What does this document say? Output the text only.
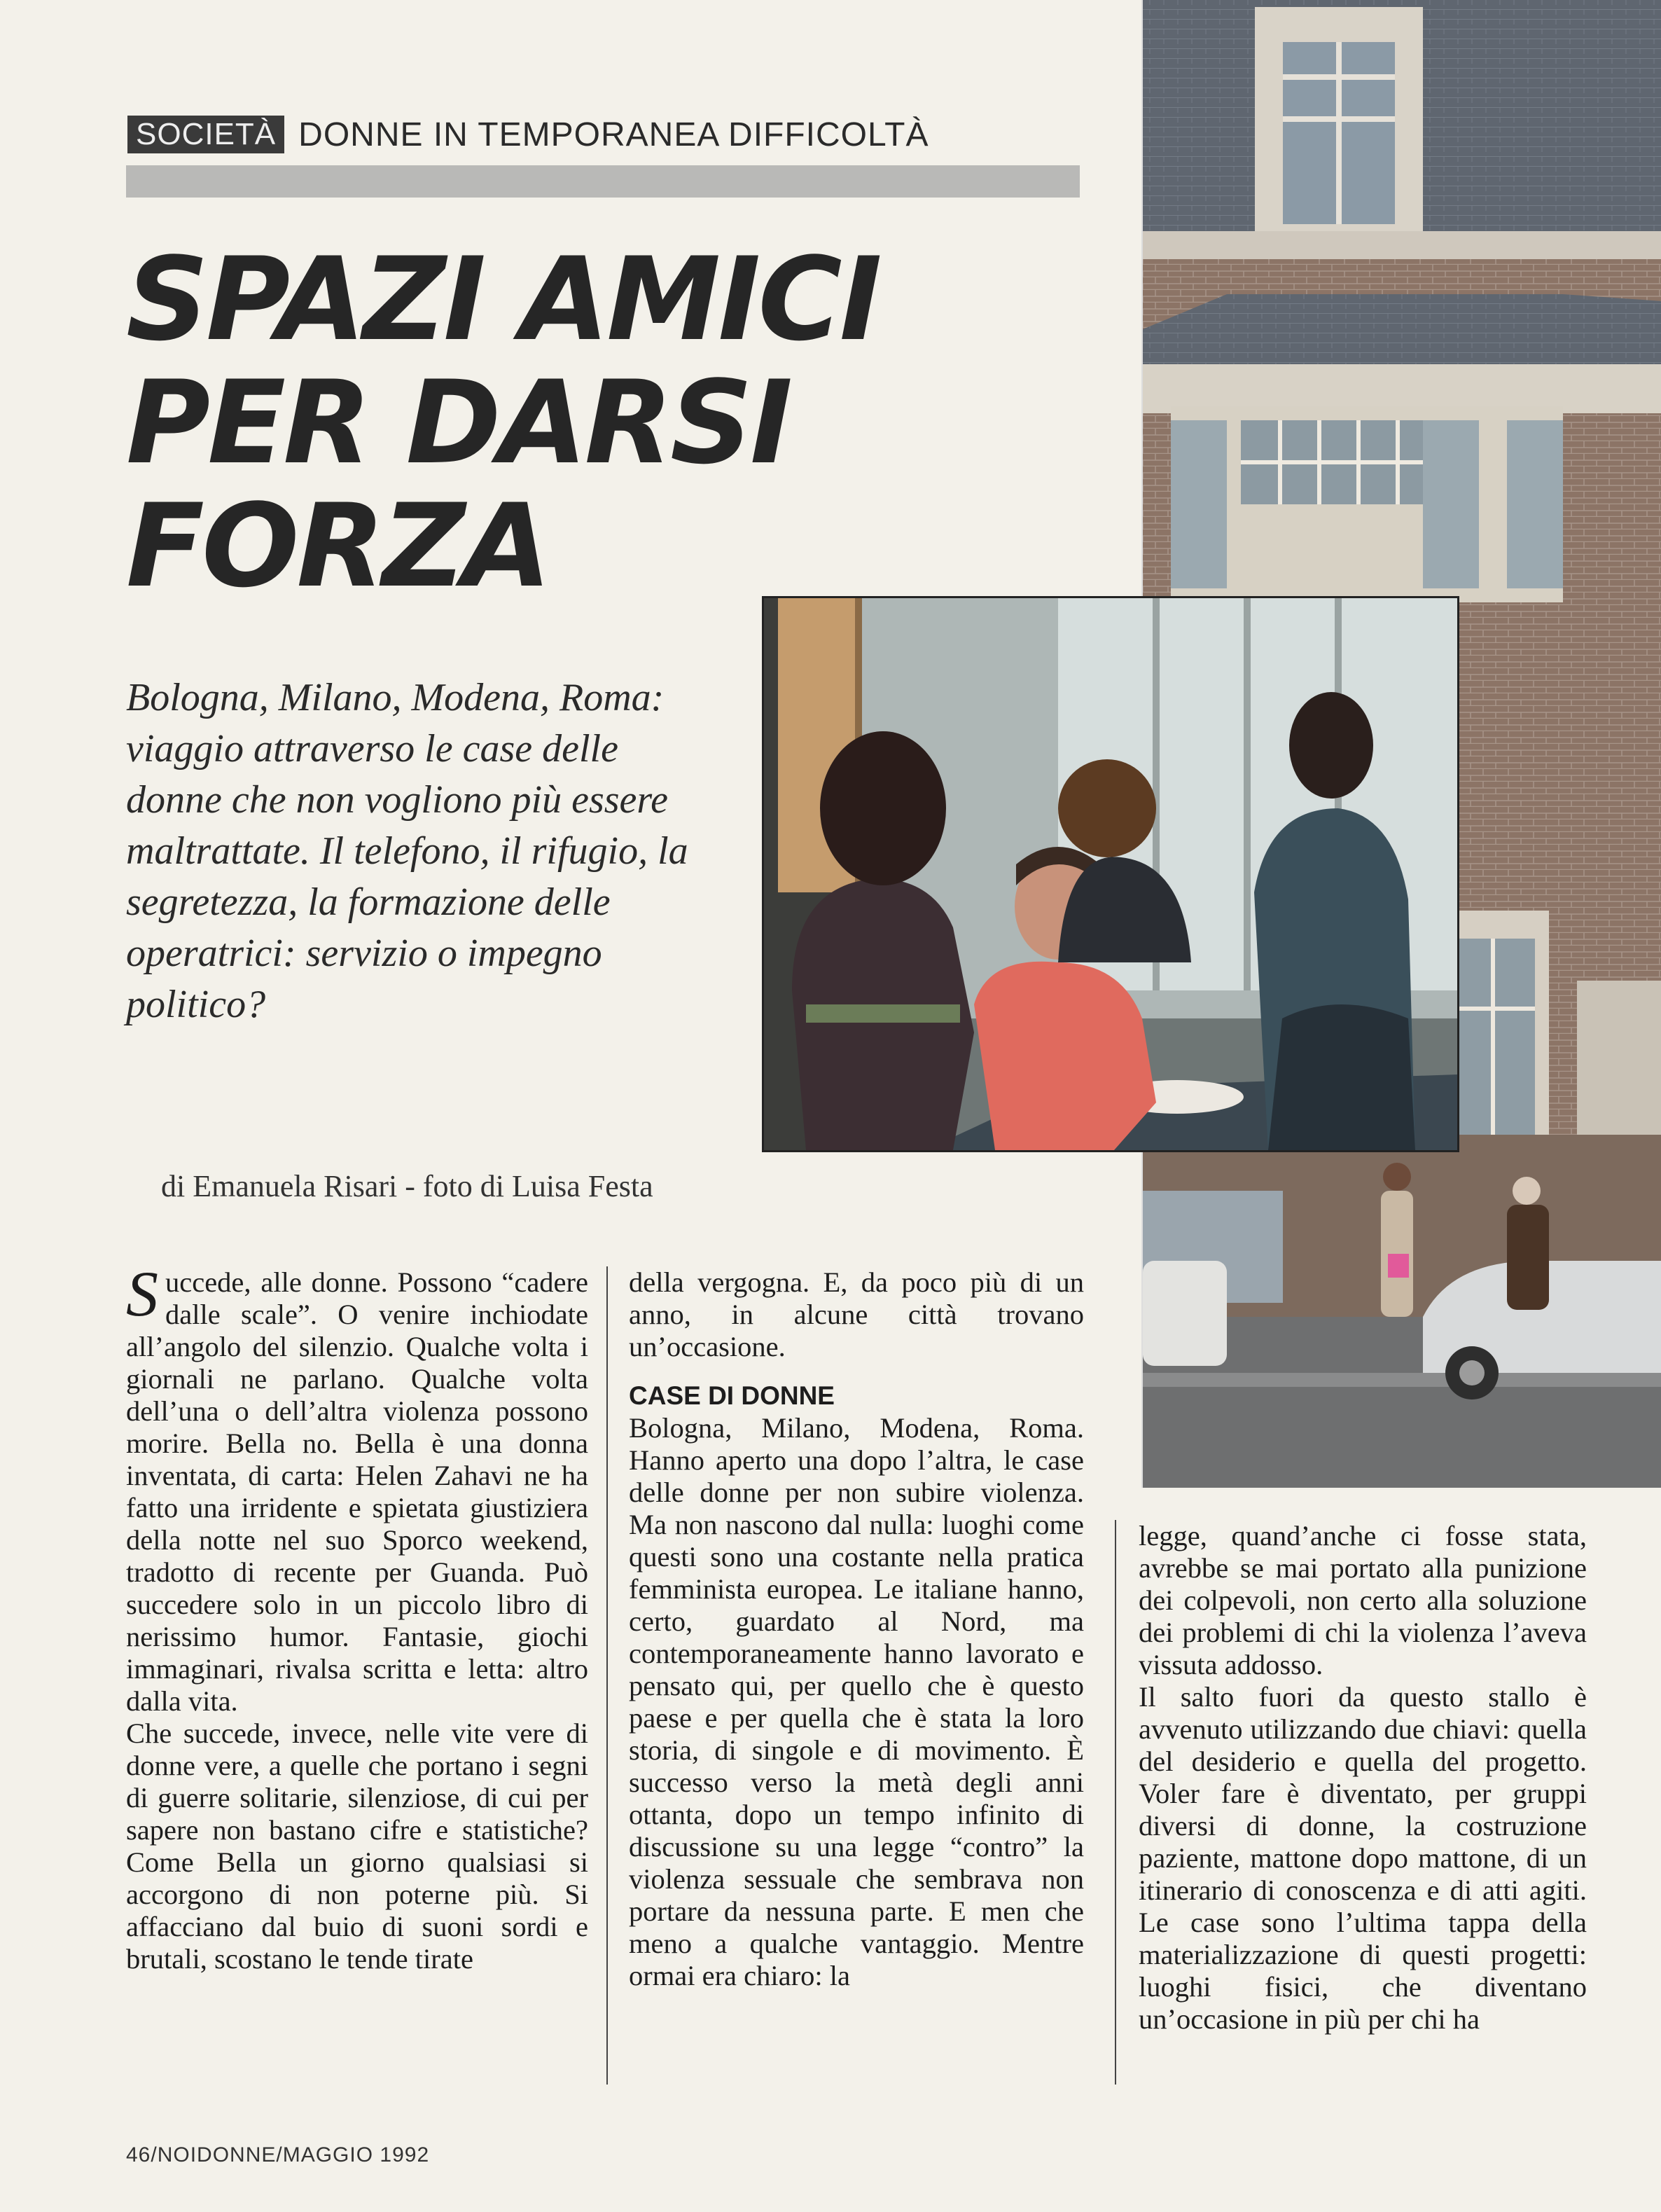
SOCIETÀ DONNE IN TEMPORANEA DIFFICOLTÀ
SPAZI AMICI
PER DARSI
FORZA

Bologna, Milano, Modena, Roma: viaggio attraverso le case delle donne che non vogliono più essere maltrattate. Il telefono, il rifugio, la segretezza, la formazione delle operatrici: servizio o impegno politico?

di Emanuela Risari - foto di Luisa Festa

Succede, alle donne. Possono “cadere dalle scale”. O venire inchiodate all’angolo del silenzio. Qualche volta i giornali ne parlano. Qualche volta dell’una o dell’altra violenza possono morire. Bella no. Bella è una donna inventata, di carta: Helen Zahavi ne ha fatto una irridente e spietata giustiziera della notte nel suo Sporco weekend, tradotto di recente per Guanda. Può succedere solo in un piccolo libro di nerissimo humor. Fantasie, giochi immaginari, rivalsa scritta e letta: altro dalla vita.

Che succede, invece, nelle vite vere di donne vere, a quelle che portano i segni di guerre solitarie, silenziose, di cui per sapere non bastano cifre e statistiche? Come Bella un giorno qualsiasi si accorgono di non poterne più. Si affacciano dal buio di suoni sordi e brutali, scostano le tende tirate

della vergogna. E, da poco più di un anno, in alcune città trovano un’occasione.

CASE DI DONNE

Bologna, Milano, Modena, Roma. Hanno aperto una dopo l’altra, le case delle donne per non subire violenza. Ma non nascono dal nulla: luoghi come questi sono una costante nella pratica femminista europea. Le italiane hanno, certo, guardato al Nord, ma contemporaneamente hanno lavorato e pensato qui, per quello che è questo paese e per quella che è stata la loro storia, di singole e di movimento. È successo verso la metà degli anni ottanta, dopo un tempo infinito di discussione su una legge “contro” la violenza sessuale che sembrava non portare da nessuna parte. E men che meno a qualche vantaggio. Mentre ormai era chiaro: la

legge, quand’anche ci fosse stata, avrebbe se mai portato alla punizione dei colpevoli, non certo alla soluzione dei problemi di chi la violenza l’aveva vissuta addosso.

Il salto fuori da questo stallo è avvenuto utilizzando due chiavi: quella del desiderio e quella del progetto. Voler fare è diventato, per gruppi diversi di donne, la costruzione paziente, mattone dopo mattone, di un itinerario di conoscenza e di atti agiti. Le case sono l’ultima tappa della materializzazione di questi progetti: luoghi fisici, che diventano un’occasione in più per chi ha

46/NOIDONNE/MAGGIO 1992
